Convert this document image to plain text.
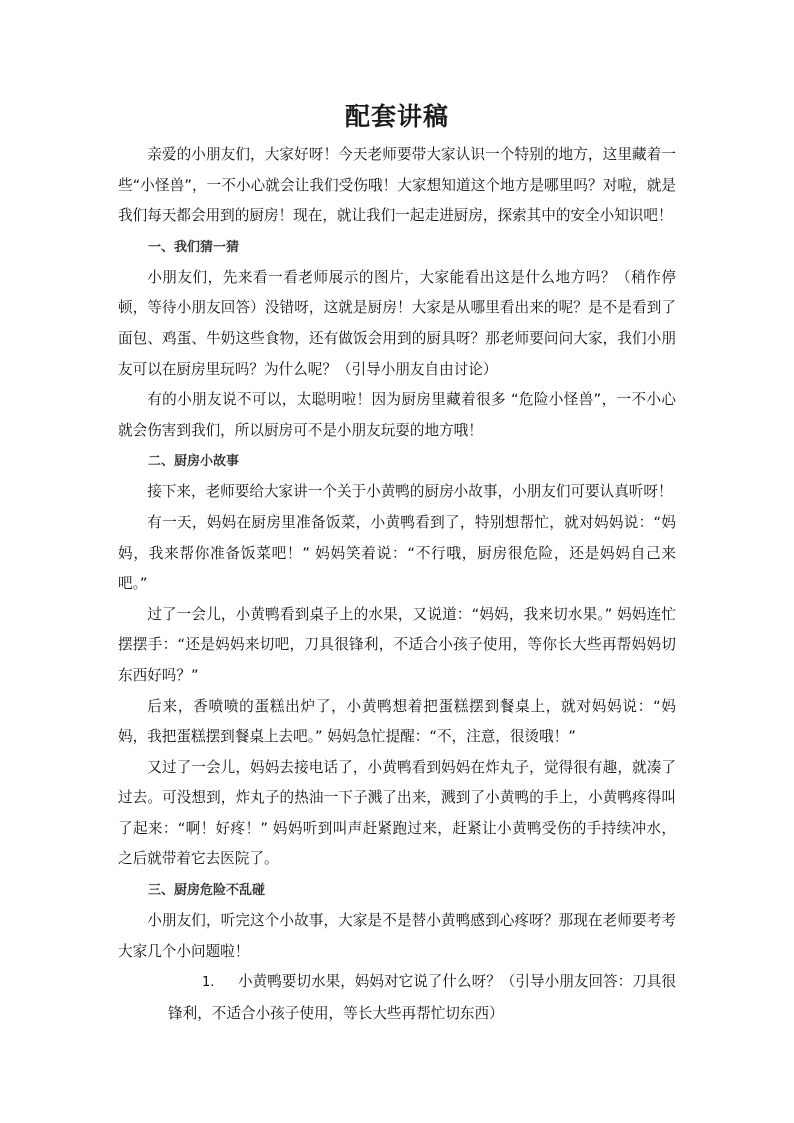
配套讲稿

亲爱的小朋友们，大家好呀！今天老师要带大家认识一个特别的地方，这里藏着一些“小怪兽”，一不小心就会让我们受伤哦！大家想知道这个地方是哪里吗？对啦，就是我们每天都会用到的厨房！现在，就让我们一起走进厨房，探索其中的安全小知识吧！

一、我们猜一猜

小朋友们，先来看一看老师展示的图片，大家能看出这是什么地方吗？（稍作停顿，等待小朋友回答）没错呀，这就是厨房！大家是从哪里看出来的呢？是不是看到了面包、鸡蛋、牛奶这些食物，还有做饭会用到的厨具呀？那老师要问问大家，我们小朋友可以在厨房里玩吗？为什么呢？（引导小朋友自由讨论）

有的小朋友说不可以，太聪明啦！因为厨房里藏着很多 “危险小怪兽”，一不小心就会伤害到我们，所以厨房可不是小朋友玩耍的地方哦！

二、厨房小故事

接下来，老师要给大家讲一个关于小黄鸭的厨房小故事，小朋友们可要认真听呀！

有一天，妈妈在厨房里准备饭菜，小黄鸭看到了，特别想帮忙，就对妈妈说：“妈妈，我来帮你准备饭菜吧！” 妈妈笑着说：“不行哦，厨房很危险，还是妈妈自己来吧。”

过了一会儿，小黄鸭看到桌子上的水果，又说道：“妈妈，我来切水果。” 妈妈连忙摆摆手：“还是妈妈来切吧，刀具很锋利，不适合小孩子使用，等你长大些再帮妈妈切东西好吗？”

后来，香喷喷的蛋糕出炉了，小黄鸭想着把蛋糕摆到餐桌上，就对妈妈说：“妈妈，我把蛋糕摆到餐桌上去吧。” 妈妈急忙提醒：“不，注意，很烫哦！”

又过了一会儿，妈妈去接电话了，小黄鸭看到妈妈在炸丸子，觉得很有趣，就凑了过去。可没想到，炸丸子的热油一下子溅了出来，溅到了小黄鸭的手上，小黄鸭疼得叫了起来：“啊！好疼！” 妈妈听到叫声赶紧跑过来，赶紧让小黄鸭受伤的手持续冲水，之后就带着它去医院了。

三、厨房危险不乱碰

小朋友们，听完这个小故事，大家是不是替小黄鸭感到心疼呀？那现在老师要考考大家几个小问题啦！

1. 小黄鸭要切水果，妈妈对它说了什么呀？（引导小朋友回答：刀具很锋利，不适合小孩子使用，等长大些再帮忙切东西）
